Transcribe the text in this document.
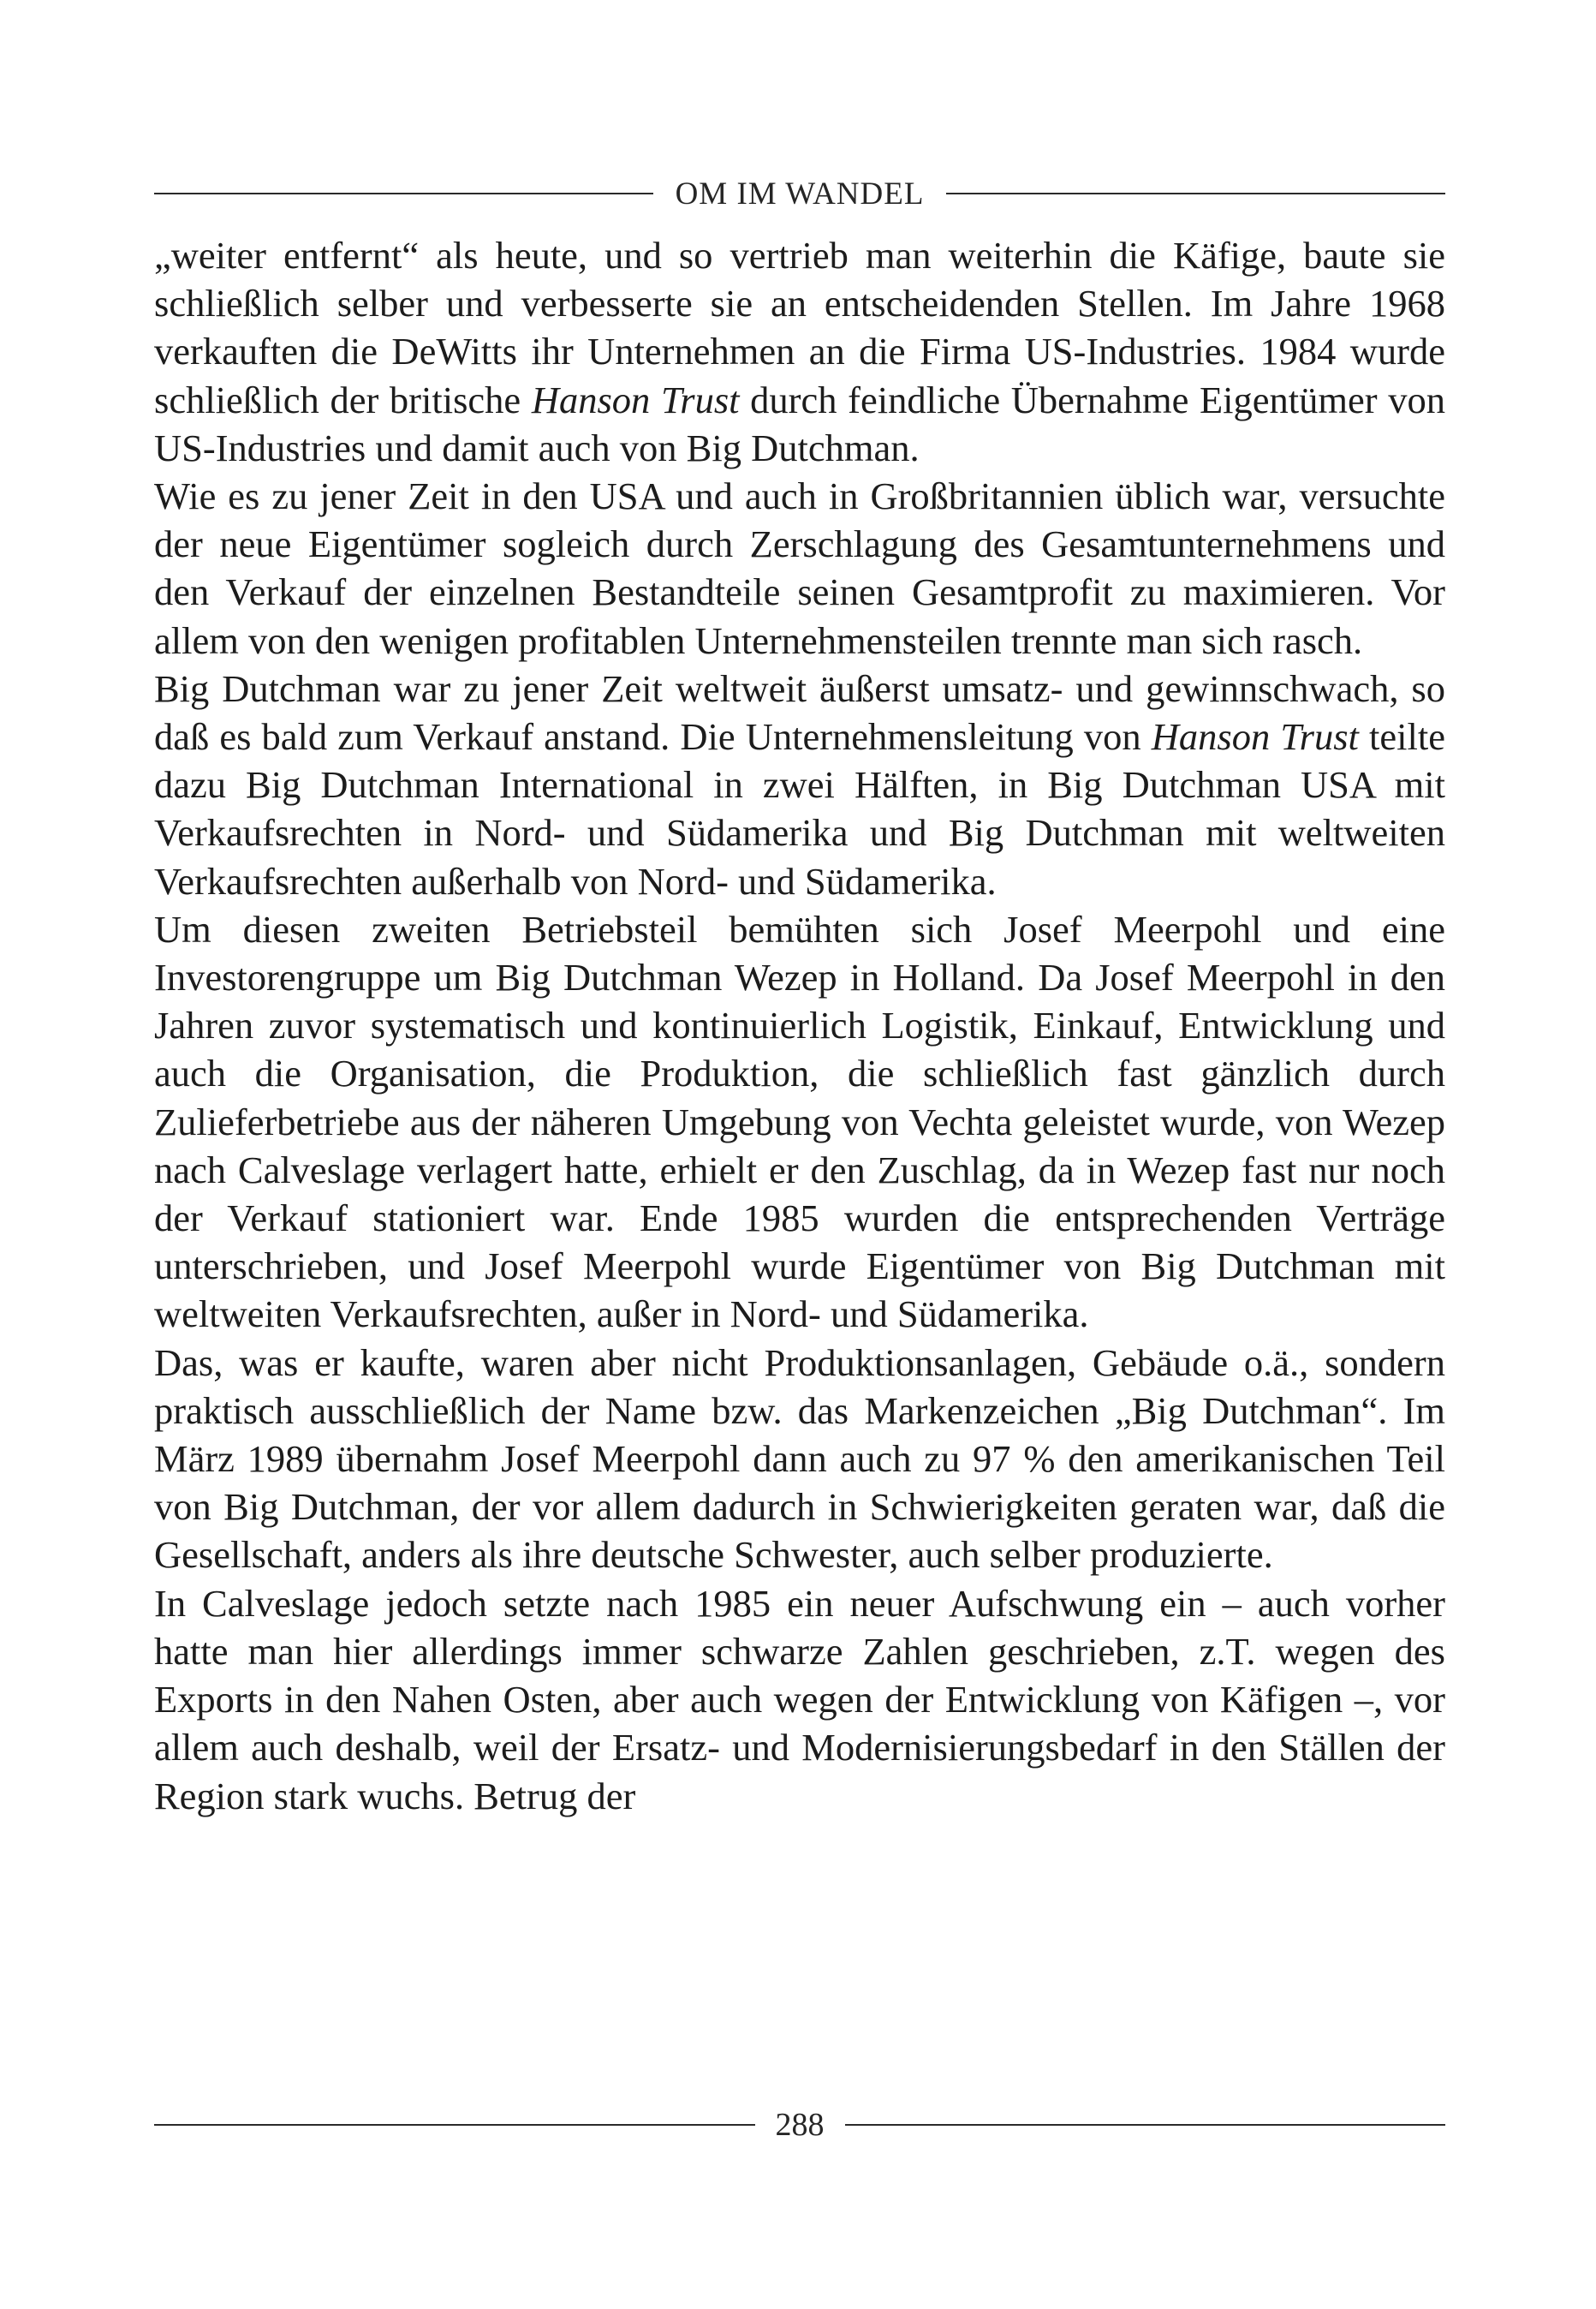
OM IM WANDEL

„weiter entfernt“ als heute, und so vertrieb man weiterhin die Käfige, baute sie schließlich selber und verbesserte sie an entscheidenden Stellen. Im Jahre 1968 verkauften die DeWitts ihr Unternehmen an die Firma US-Industries. 1984 wurde schließlich der britische Hanson Trust durch feindliche Übernahme Eigentümer von US-Industries und damit auch von Big Dutchman.

Wie es zu jener Zeit in den USA und auch in Großbritannien üblich war, versuchte der neue Eigentümer sogleich durch Zerschlagung des Gesamtunternehmens und den Verkauf der einzelnen Bestandteile seinen Gesamtprofit zu maximieren. Vor allem von den wenigen profitablen Unternehmensteilen trennte man sich rasch.

Big Dutchman war zu jener Zeit weltweit äußerst umsatz- und gewinnschwach, so daß es bald zum Verkauf anstand. Die Unternehmensleitung von Hanson Trust teilte dazu Big Dutchman International in zwei Hälften, in Big Dutchman USA mit Verkaufsrechten in Nord- und Südamerika und Big Dutchman mit weltweiten Verkaufsrechten außerhalb von Nord- und Südamerika.

Um diesen zweiten Betriebsteil bemühten sich Josef Meerpohl und eine Investorengruppe um Big Dutchman Wezep in Holland. Da Josef Meerpohl in den Jahren zuvor systematisch und kontinuierlich Logistik, Einkauf, Entwicklung und auch die Organisation, die Produktion, die schließlich fast gänzlich durch Zulieferbetriebe aus der näheren Umgebung von Vechta geleistet wurde, von Wezep nach Calveslage verlagert hatte, erhielt er den Zuschlag, da in Wezep fast nur noch der Verkauf stationiert war. Ende 1985 wurden die entsprechenden Verträge unterschrieben, und Josef Meerpohl wurde Eigentümer von Big Dutchman mit weltweiten Verkaufsrechten, außer in Nord- und Südamerika.

Das, was er kaufte, waren aber nicht Produktionsanlagen, Gebäude o.ä., sondern praktisch ausschließlich der Name bzw. das Markenzeichen „Big Dutchman“. Im März 1989 übernahm Josef Meerpohl dann auch zu 97 % den amerikanischen Teil von Big Dutchman, der vor allem dadurch in Schwierigkeiten geraten war, daß die Gesellschaft, anders als ihre deutsche Schwester, auch selber produzierte.

In Calveslage jedoch setzte nach 1985 ein neuer Aufschwung ein – auch vorher hatte man hier allerdings immer schwarze Zahlen geschrieben, z.T. wegen des Exports in den Nahen Osten, aber auch wegen der Entwicklung von Käfigen –, vor allem auch deshalb, weil der Ersatz- und Modernisierungsbedarf in den Ställen der Region stark wuchs. Betrug der

288
